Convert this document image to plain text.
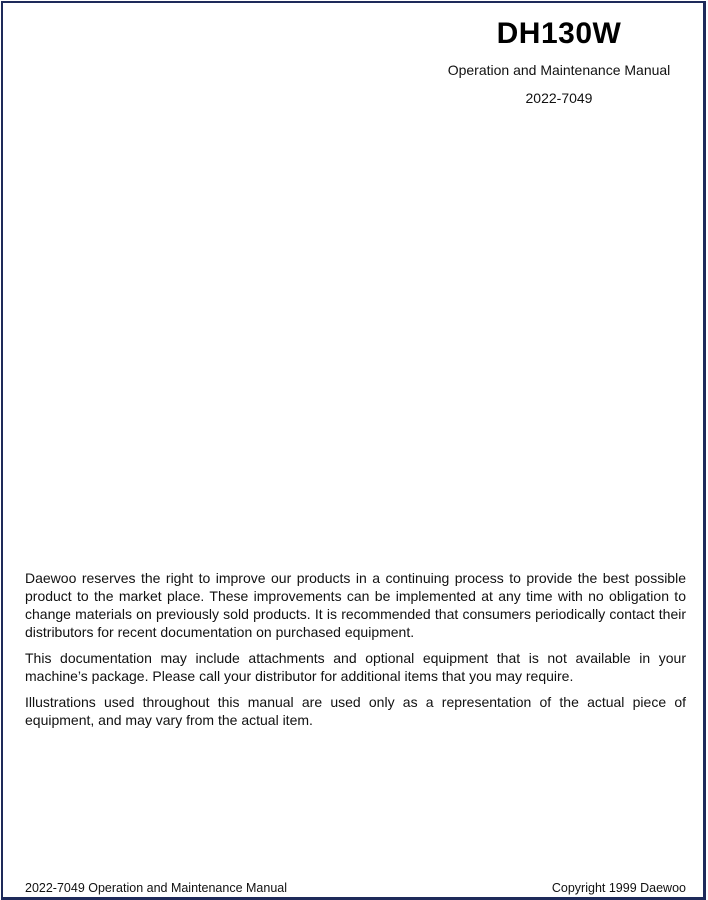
DH130W
Operation and Maintenance Manual
2022-7049

Daewoo reserves the right to improve our products in a continuing process to provide the best possible product to the market place. These improvements can be implemented at any time with no obligation to change materials on previously sold products. It is recommended that consumers periodically contact their distributors for recent documentation on purchased equipment.

This documentation may include attachments and optional equipment that is not available in your machine’s package. Please call your distributor for additional items that you may require.

Illustrations used throughout this manual are used only as a representation of the actual piece of equipment, and may vary from the actual item.

2022-7049 Operation and Maintenance Manual	Copyright 1999 Daewoo
